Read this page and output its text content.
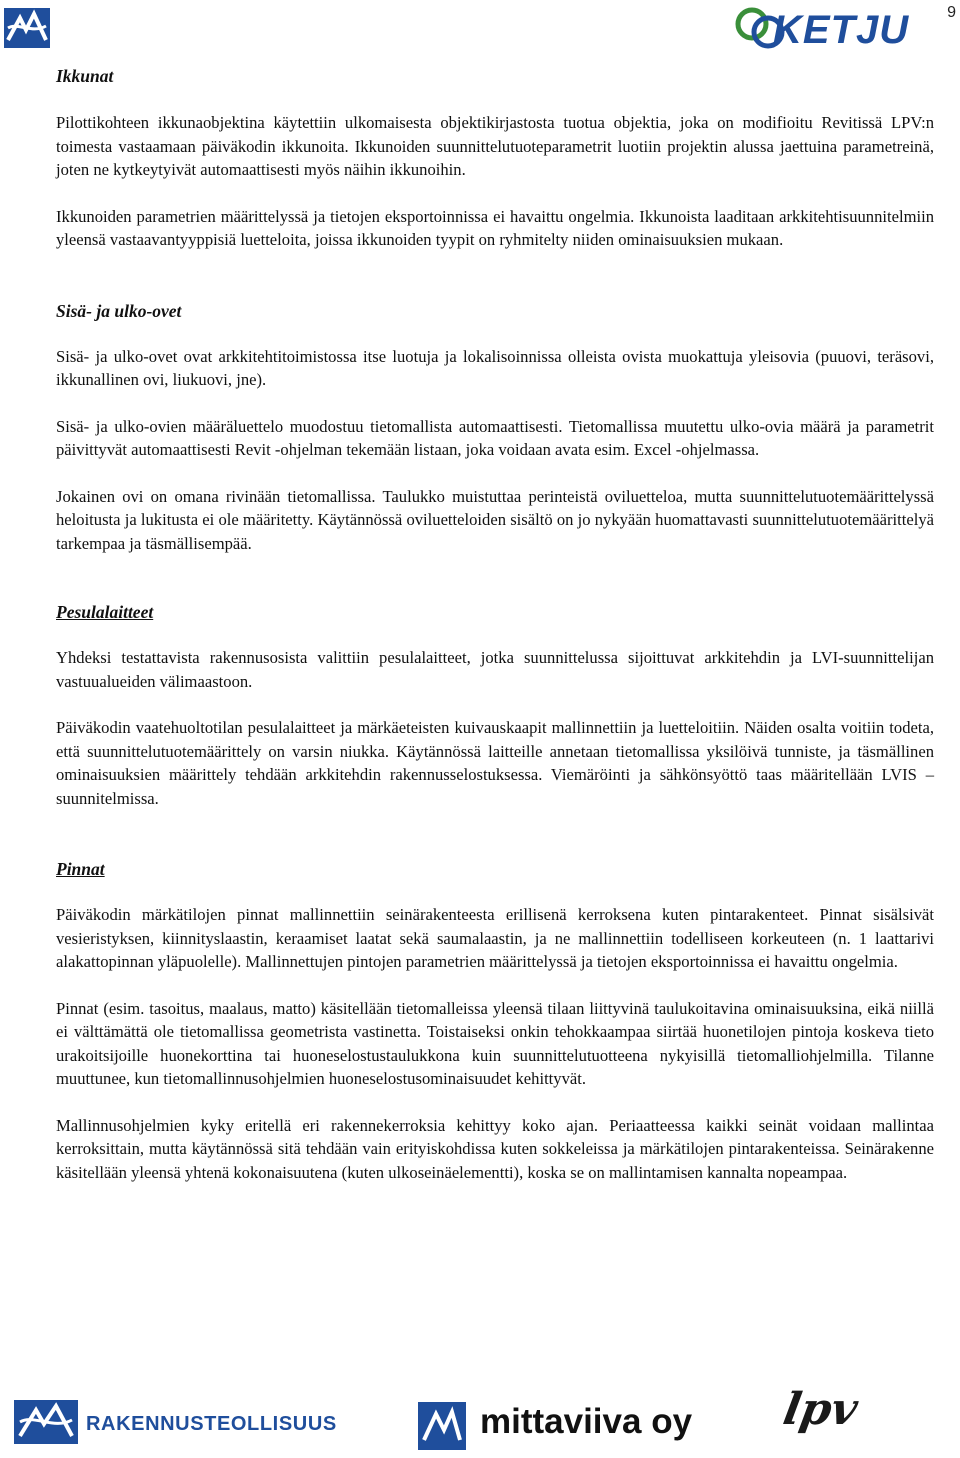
KETJU 9
Ikkunat

Pilottikohteen ikkunaobjektina käytettiin ulkomaisesta objektikirjastosta tuotua objektia, joka on modifioitu Revitissä LPV:n toimesta vastaamaan päiväkodin ikkunoita. Ikkunoiden suunnittelutuoteparametrit luotiin projektin alussa jaettuina parametreinä, joten ne kytkeytyivät automaattisesti myös näihin ikkunoihin.

Ikkunoiden parametrien määrittelyssä ja tietojen eksportoinnissa ei havaittu ongelmia. Ikkunoista laaditaan arkkitehtisuunnitelmiin yleensä vastaavantyyppisiä luetteloita, joissa ikkunoiden tyypit on ryhmitelty niiden ominaisuuksien mukaan.

Sisä- ja ulko-ovet

Sisä- ja ulko-ovet ovat arkkitehtitoimistossa itse luotuja ja lokalisoinnissa olleista ovista muokattuja yleisovia (puuovi, teräsovi, ikkunallinen ovi, liukuovi, jne).

Sisä- ja ulko-ovien määräluettelo muodostuu tietomallista automaattisesti. Tietomallissa muutettu ulko-ovia määrä ja parametrit päivittyvät automaattisesti Revit -ohjelman tekemään listaan, joka voidaan avata esim. Excel -ohjelmassa.

Jokainen ovi on omana rivinään tietomallissa. Taulukko muistuttaa perinteistä oviluetteloa, mutta suunnittelutuotemäärittelyssä heloitusta ja lukitusta ei ole määritetty. Käytännössä oviluetteloiden sisältö on jo nykyään huomattavasti suunnittelutuotemäärittelyä tarkempaa ja täsmällisempää.

Pesulalaitteet

Yhdeksi testattavista rakennusosista valittiin pesulalaitteet, jotka suunnittelussa sijoittuvat arkkitehdin ja LVI-suunnittelijan vastuualueiden välimaastoon.

Päiväkodin vaatehuoltotilan pesulalaitteet ja märkäeteisten kuivauskaapit mallinnettiin ja luetteloitiin. Näiden osalta voitiin todeta, että suunnittelutuotemäärittely on varsin niukka. Käytännössä laitteille annetaan tietomallissa yksilöivä tunniste, ja täsmällinen ominaisuuksien määrittely tehdään arkkitehdin rakennusselostuksessa. Viemäröinti ja sähkönsyöttö taas määritellään LVIS –suunnitelmissa.

Pinnat

Päiväkodin märkätilojen pinnat mallinnettiin seinärakenteesta erillisenä kerroksena kuten pintarakenteet. Pinnat sisälsivät vesieristyksen, kiinnityslaastin, keraamiset laatat sekä saumalaastin, ja ne mallinnettiin todelliseen korkeuteen (n. 1 laattarivi alakattopinnan yläpuolelle). Mallinnettujen pintojen parametrien määrittelyssä ja tietojen eksportoinnissa ei havaittu ongelmia.

Pinnat (esim. tasoitus, maalaus, matto) käsitellään tietomalleissa yleensä tilaan liittyvinä taulukoitavina ominaisuuksina, eikä niillä ei välttämättä ole tietomallissa geometrista vastinetta. Toistaiseksi onkin tehokkaampaa siirtää huonetilojen pintoja koskeva tieto urakoitsijoille huonekorttina tai huoneselostustaulukkona kuin suunnittelutuotteena nykyisillä tietomalliohjelmilla. Tilanne muuttunee, kun tietomallinnusohjelmien huoneselostusominaisuudet kehittyvät.

Mallinnusohjelmien kyky eritellä eri rakennekerroksia kehittyy koko ajan. Periaatteessa kaikki seinät voidaan mallintaa kerroksittain, mutta käytännössä sitä tehdään vain erityiskohdissa kuten sokkeleissa ja märkätilojen pintarakenteissa. Seinärakenne käsitellään yleensä yhtenä kokonaisuutena (kuten ulkoseinäelementti), koska se on mallintamisen kannalta nopeampaa.

RAKENNUSTEOLLISUUS	mittaviiva oy lpv
